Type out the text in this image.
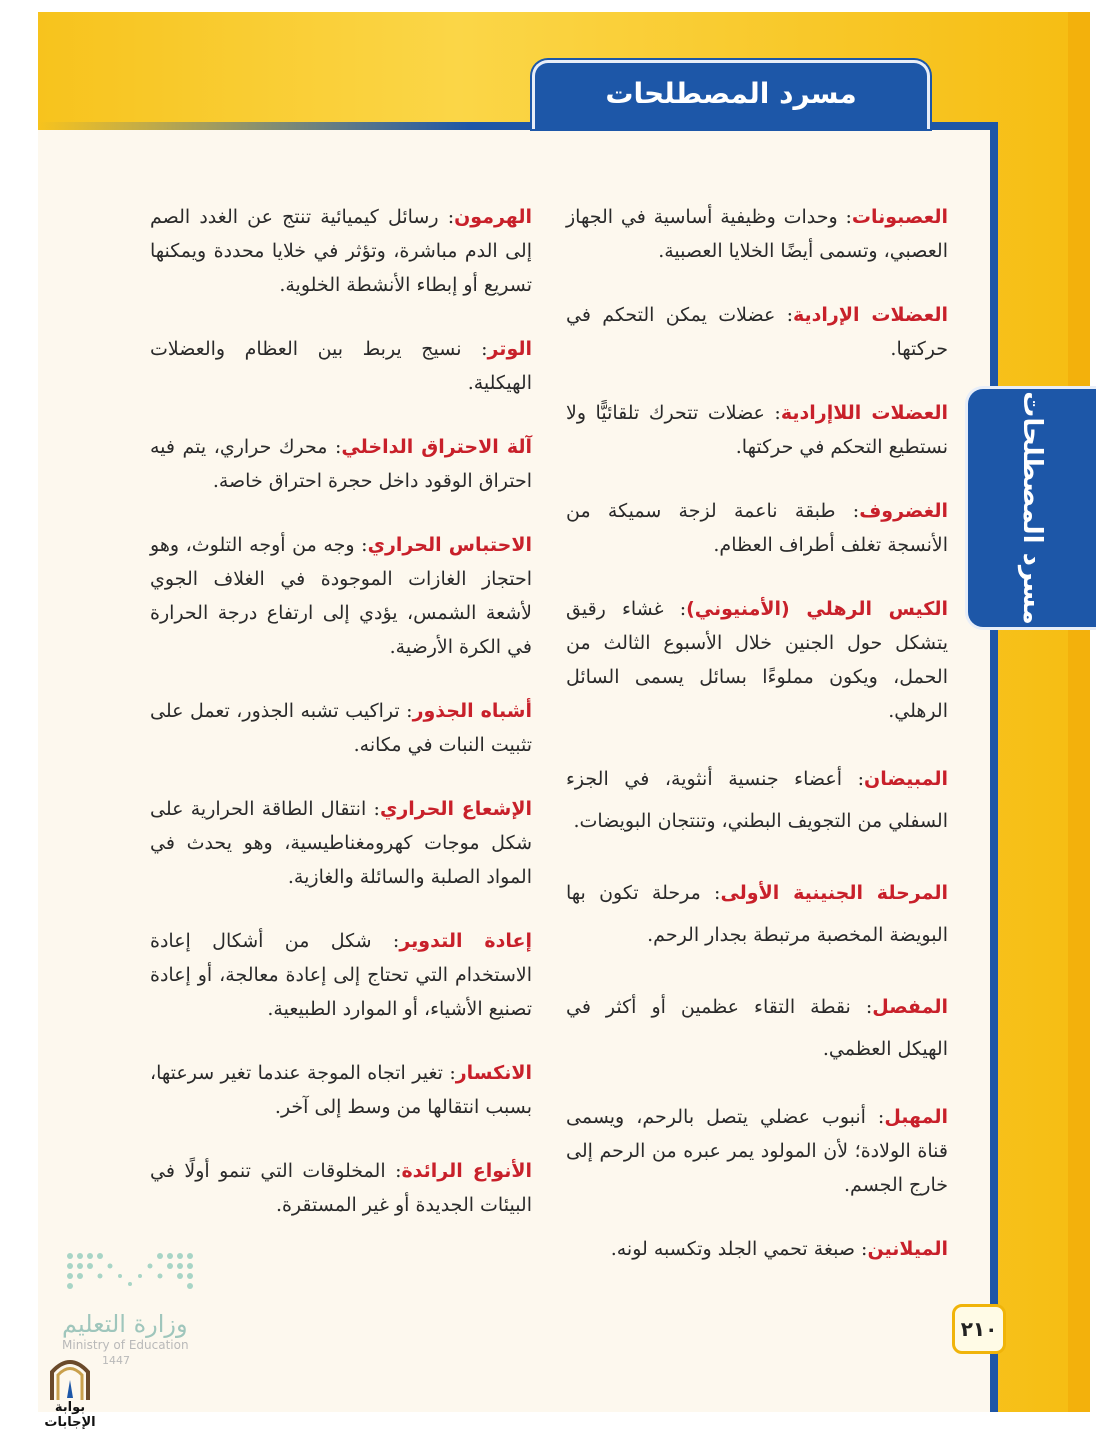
مسرد المصطلحات
مسرد المصطلحات

العصبونات: وحدات وظيفية أساسية في الجهاز العصبي، وتسمى أيضًا الخلايا العصبية.

العضلات الإرادية: عضلات يمكن التحكم في حركتها.

العضلات اللاإرادية: عضلات تتحرك تلقائيًّا ولا نستطيع التحكم في حركتها.

الغضروف: طبقة ناعمة لزجة سميكة من الأنسجة تغلف أطراف العظام.

الكيس الرهلي (الأمنيوني): غشاء رقيق يتشكل حول الجنين خلال الأسبوع الثالث من الحمل، ويكون مملوءًا بسائل يسمى السائل الرهلي.

المبيضان: أعضاء جنسية أنثوية، في الجزء السفلي من التجويف البطني، وتنتجان البويضات.

المرحلة الجنينية الأولى: مرحلة تكون بها البويضة المخصبة مرتبطة بجدار الرحم.

المفصل: نقطة التقاء عظمين أو أكثر في الهيكل العظمي.

المهبل: أنبوب عضلي يتصل بالرحم، ويسمى قناة الولادة؛ لأن المولود يمر عبره من الرحم إلى خارج الجسم.

الميلانين: صبغة تحمي الجلد وتكسبه لونه.

الهرمون: رسائل كيميائية تنتج عن الغدد الصم إلى الدم مباشرة، وتؤثر في خلايا محددة ويمكنها تسريع أو إبطاء الأنشطة الخلوية.

الوتر: نسيج يربط بين العظام والعضلات الهيكلية.

آلة الاحتراق الداخلي: محرك حراري، يتم فيه احتراق الوقود داخل حجرة احتراق خاصة.

الاحتباس الحراري: وجه من أوجه التلوث، وهو احتجاز الغازات الموجودة في الغلاف الجوي لأشعة الشمس، يؤدي إلى ارتفاع درجة الحرارة في الكرة الأرضية.

أشباه الجذور: تراكيب تشبه الجذور، تعمل على تثبيت النبات في مكانه.

الإشعاع الحراري: انتقال الطاقة الحرارية على شكل موجات كهرومغناطيسية، وهو يحدث في المواد الصلبة والسائلة والغازية.

إعادة التدوير: شكل من أشكال إعادة الاستخدام التي تحتاج إلى إعادة معالجة، أو إعادة تصنيع الأشياء، أو الموارد الطبيعية.

الانكسار: تغير اتجاه الموجة عندما تغير سرعتها، بسبب انتقالها من وسط إلى آخر.

الأنواع الرائدة: المخلوقات التي تنمو أولًا في البيئات الجديدة أو غير المستقرة.

٢١٠
وزارة التعليم
Ministry of Education
1447
بوابة الإجابات
